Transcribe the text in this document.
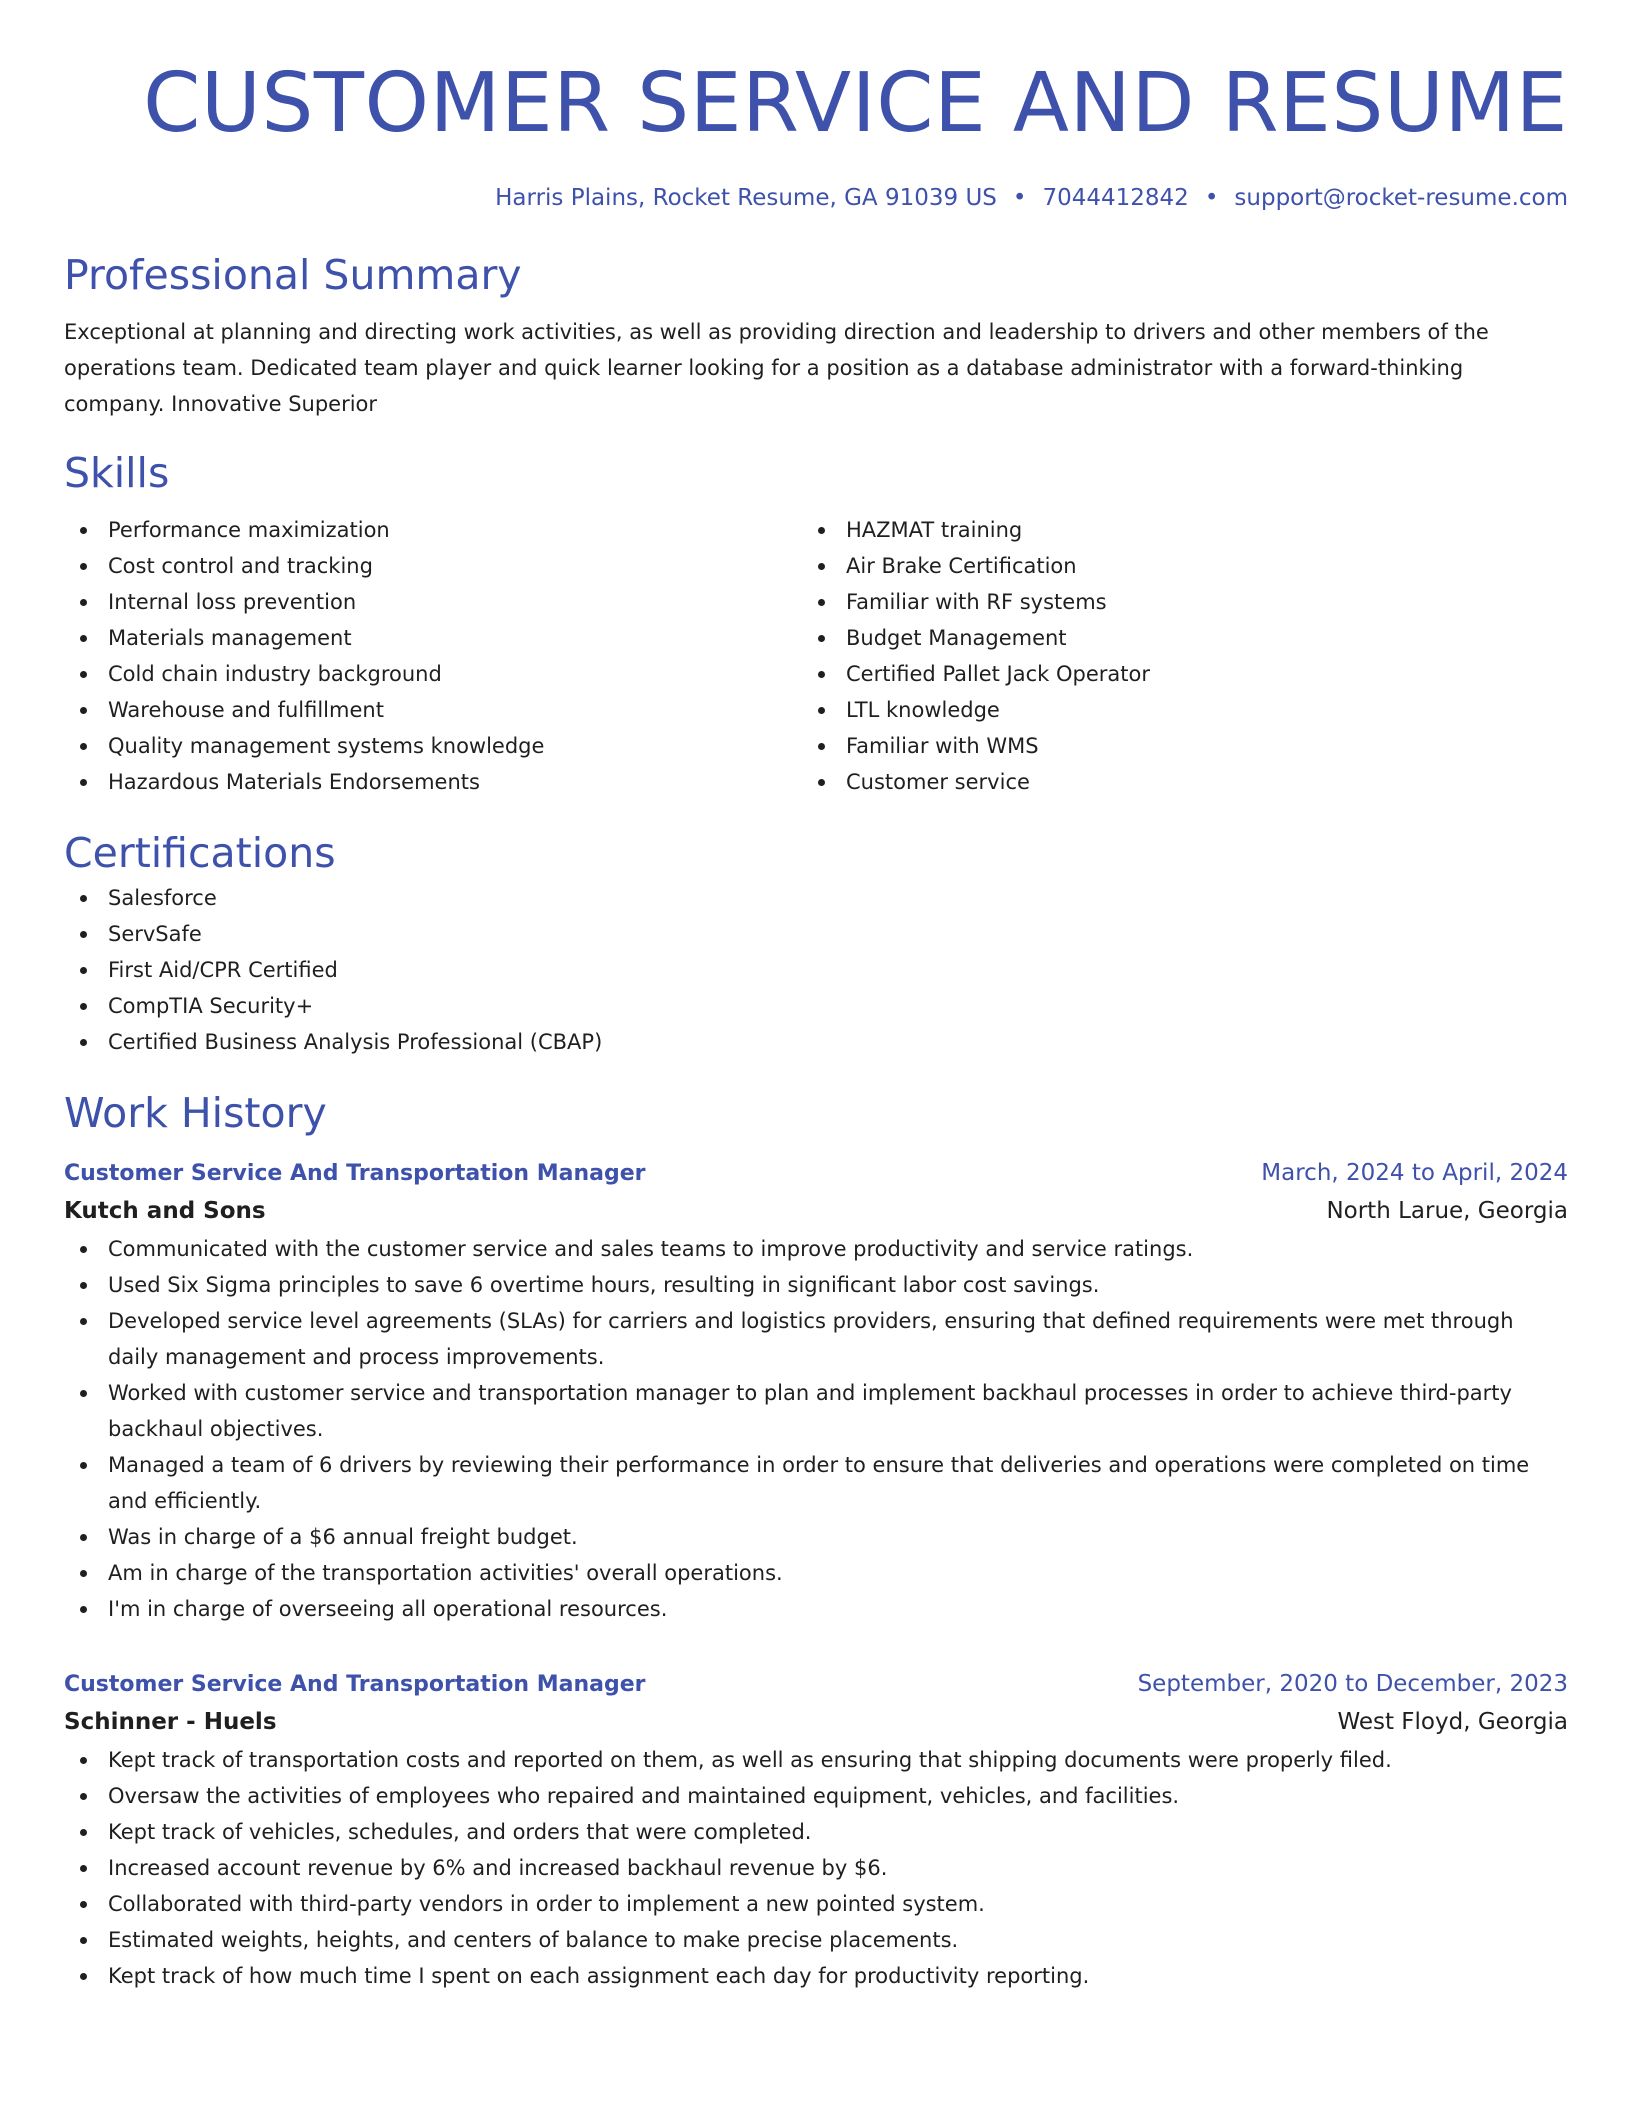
CUSTOMER SERVICE AND RESUME
Harris Plains, Rocket Resume, GA 91039 US • 7044412842 • support@rocket-resume.com
Professional Summary
Exceptional at planning and directing work activities, as well as providing direction and leadership to drivers and other members of the operations team. Dedicated team player and quick learner looking for a position as a database administrator with a forward-thinking company. Innovative Superior
Skills
Performance maximization
Cost control and tracking
Internal loss prevention
Materials management
Cold chain industry background
Warehouse and fulfillment
Quality management systems knowledge
Hazardous Materials Endorsements
HAZMAT training
Air Brake Certification
Familiar with RF systems
Budget Management
Certified Pallet Jack Operator
LTL knowledge
Familiar with WMS
Customer service
Certifications
Salesforce
ServSafe
First Aid/CPR Certified
CompTIA Security+
Certified Business Analysis Professional (CBAP)
Work History
Customer Service And Transportation Manager	March, 2024 to April, 2024
Kutch and Sons	North Larue, Georgia
Communicated with the customer service and sales teams to improve productivity and service ratings.
Used Six Sigma principles to save 6 overtime hours, resulting in significant labor cost savings.
Developed service level agreements (SLAs) for carriers and logistics providers, ensuring that defined requirements were met through daily management and process improvements.
Worked with customer service and transportation manager to plan and implement backhaul processes in order to achieve third-party backhaul objectives.
Managed a team of 6 drivers by reviewing their performance in order to ensure that deliveries and operations were completed on time and efficiently.
Was in charge of a $6 annual freight budget.
Am in charge of the transportation activities' overall operations.
I'm in charge of overseeing all operational resources.
Customer Service And Transportation Manager	September, 2020 to December, 2023
Schinner - Huels	West Floyd, Georgia
Kept track of transportation costs and reported on them, as well as ensuring that shipping documents were properly filed.
Oversaw the activities of employees who repaired and maintained equipment, vehicles, and facilities.
Kept track of vehicles, schedules, and orders that were completed.
Increased account revenue by 6% and increased backhaul revenue by $6.
Collaborated with third-party vendors in order to implement a new pointed system.
Estimated weights, heights, and centers of balance to make precise placements.
Kept track of how much time I spent on each assignment each day for productivity reporting.
